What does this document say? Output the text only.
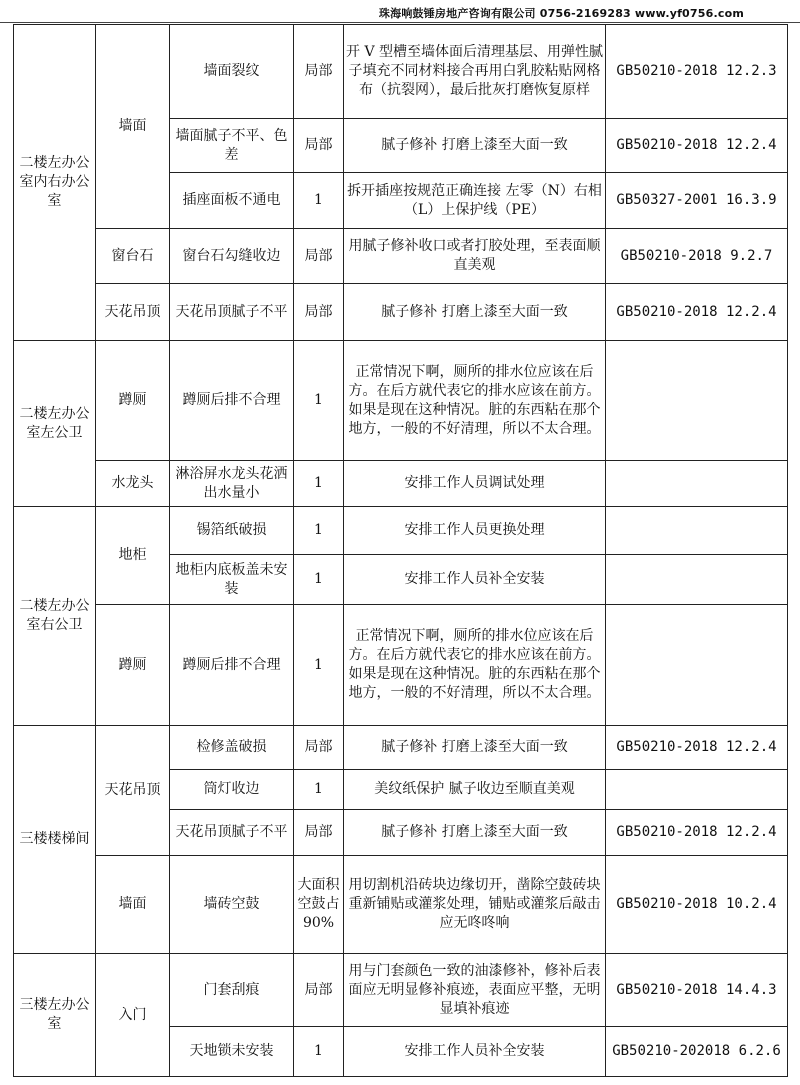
珠海响鼓锤房地产咨询有限公司 0756-2169283 www.yf0756.com
二楼左办公室内右办公室	墙面	墙面裂纹	局部	开 V 型槽至墙体面后清理基层、用弹性腻子填充不同材料接合再用白乳胶粘贴网格布（抗裂网），最后批灰打磨恢复原样	GB50210-2018 12.2.3
		墙面腻子不平、色差	局部	腻子修补 打磨上漆至大面一致	GB50210-2018 12.2.4
		插座面板不通电	1	拆开插座按规范正确连接 左零（N）右相（L）上保护线（PE）	GB50327-2001 16.3.9
	窗台石	窗台石勾缝收边	局部	用腻子修补收口或者打胶处理，至表面顺直美观	GB50210-2018 9.2.7
	天花吊顶	天花吊顶腻子不平	局部	腻子修补 打磨上漆至大面一致	GB50210-2018 12.2.4
二楼左办公室左公卫	蹲厕	蹲厕后排不合理	1	正常情况下啊，厕所的排水位应该在后方。在后方就代表它的排水应该在前方。如果是现在这种情况。脏的东西粘在那个地方，一般的不好清理，所以不太合理。	
	水龙头	淋浴屏水龙头花洒出水量小	1	安排工作人员调试处理	
二楼左办公室右公卫	地柜	锡箔纸破损	1	安排工作人员更换处理	
		地柜内底板盖未安装	1	安排工作人员补全安装	
	蹲厕	蹲厕后排不合理	1	正常情况下啊，厕所的排水位应该在后方。在后方就代表它的排水应该在前方。如果是现在这种情况。脏的东西粘在那个地方，一般的不好清理，所以不太合理。	
三楼楼梯间	天花吊顶	检修盖破损	局部	腻子修补 打磨上漆至大面一致	GB50210-2018 12.2.4
		筒灯收边	1	美纹纸保护 腻子收边至顺直美观	
		天花吊顶腻子不平	局部	腻子修补 打磨上漆至大面一致	GB50210-2018 12.2.4
	墙面	墙砖空鼓	大面积空鼓占90%	用切割机沿砖块边缘切开，凿除空鼓砖块重新铺贴或灌浆处理，铺贴或灌浆后敲击应无咚咚响	GB50210-2018 10.2.4
三楼左办公室	入门	门套刮痕	局部	用与门套颜色一致的油漆修补，修补后表面应无明显修补痕迹，表面应平整，无明显填补痕迹	GB50210-2018 14.4.3
		天地锁未安装	1	安排工作人员补全安装	GB50210-202018 6.2.6
